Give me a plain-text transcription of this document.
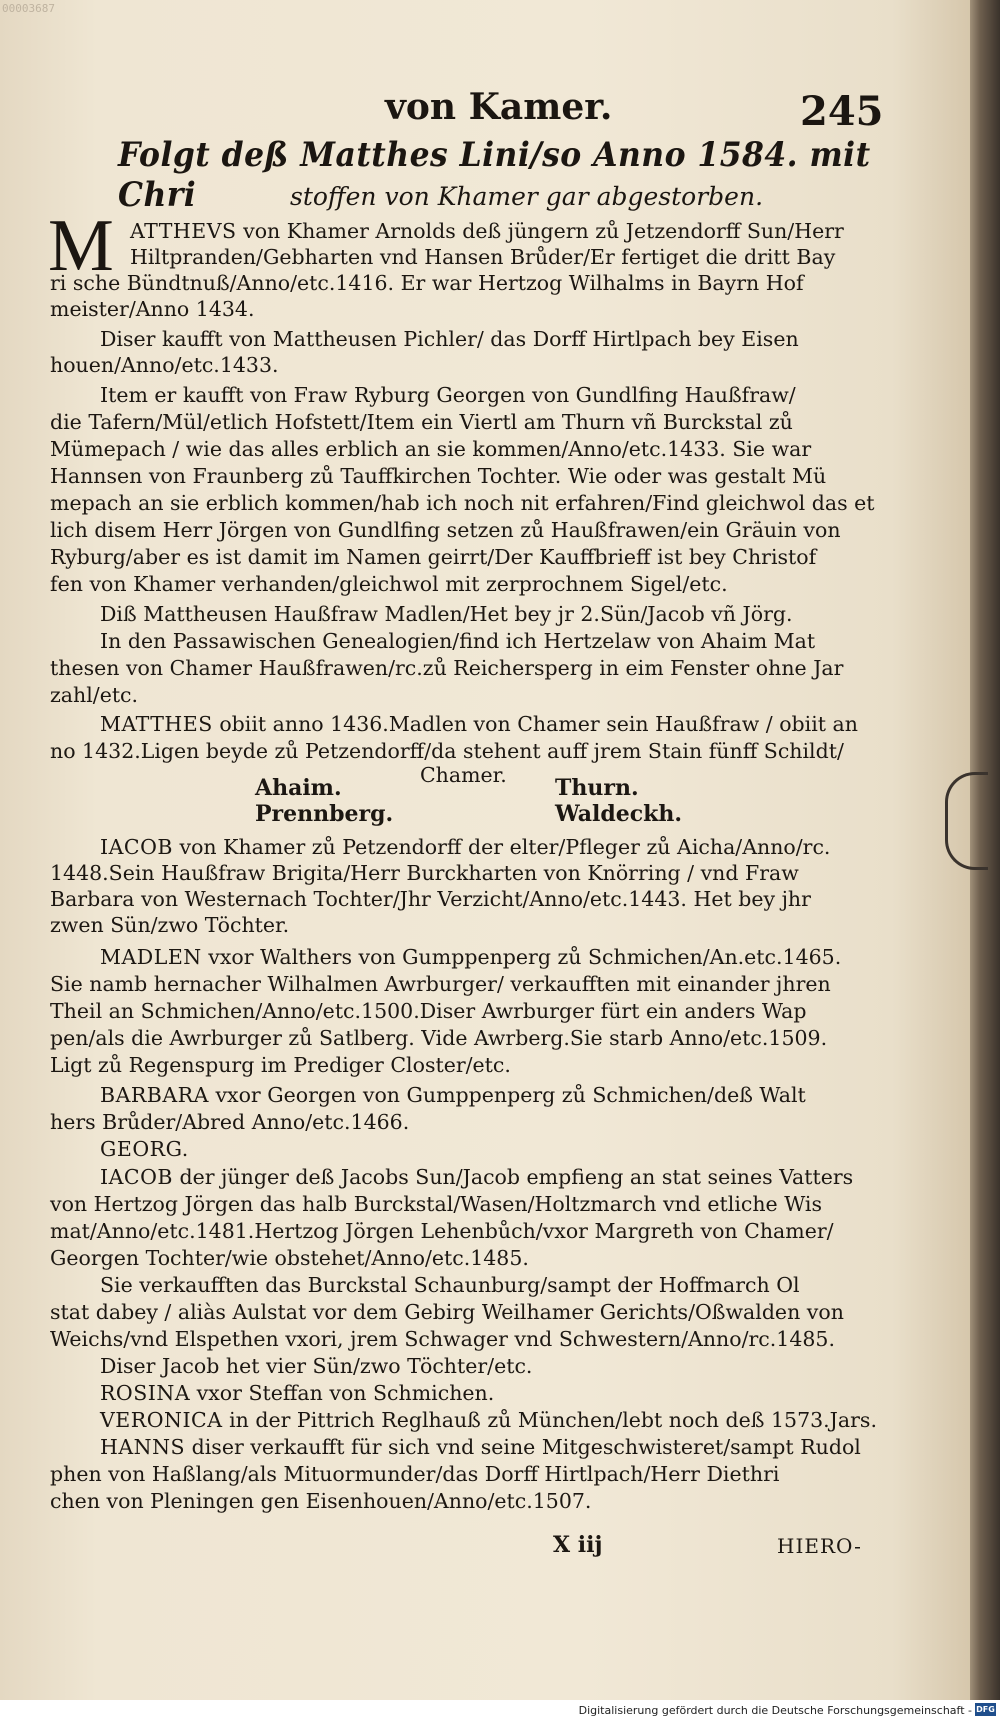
00003687
von Kamer.	245
Folgt deß Matthes Lini/so Anno 1584. mit Chri	stoffen von Khamer gar abgestorben.
M ATTHEVS von Khamer Arnolds deß jüngern zů Jetzendorff Sun/Herr
Hiltpranden/Gebharten vnd Hansen Brůder/Er fertiget die dritt Bay
ri sche Bündtnuß/Anno/etc.1416. Er war Hertzog Wilhalms in Bayrn Hof
meister/Anno 1434.
Diser kaufft von Mattheusen Pichler/ das Dorff Hirtlpach bey Eisen
houen/Anno/etc.1433.
Item er kaufft von Fraw Ryburg Georgen von Gundlfing Haußfraw/
die Tafern/Mül/etlich Hofstett/Item ein Viertl am Thurn vñ Burckstal zů
Mümepach / wie das alles erblich an sie kommen/Anno/etc.1433. Sie war
Hannsen von Fraunberg zů Tauffkirchen Tochter. Wie oder was gestalt Mü
mepach an sie erblich kommen/hab ich noch nit erfahren/Find gleichwol das et
lich disem Herr Jörgen von Gundlfing setzen zů Haußfrawen/ein Gräuin von
Ryburg/aber es ist damit im Namen geirrt/Der Kauffbrieff ist bey Christof
fen von Khamer verhanden/gleichwol mit zerprochnem Sigel/etc.
Diß Mattheusen Haußfraw Madlen/Het bey jr 2.Sün/Jacob vñ Jörg.
In den Passawischen Genealogien/find ich Hertzelaw von Ahaim Mat
thesen von Chamer Haußfrawen/rc.zů Reichersperg in eim Fenster ohne Jar
zahl/etc.
MATTHES obiit anno 1436.Madlen von Chamer sein Haußfraw / obiit an
no 1432.Ligen beyde zů Petzendorff/da stehent auff jrem Stain fünff Schildt/
Chamer.
IACOB von Khamer zů Petzendorff der elter/Pfleger zů Aicha/Anno/rc.
1448.Sein Haußfraw Brigita/Herr Burckharten von Knörring / vnd Fraw
Barbara von Westernach Tochter/Jhr Verzicht/Anno/etc.1443. Het bey jhr
zwen Sün/zwo Töchter.
MADLEN vxor Walthers von Gumppenperg zů Schmichen/An.etc.1465.
Sie namb hernacher Wilhalmen Awrburger/ verkaufften mit einander jhren
Theil an Schmichen/Anno/etc.1500.Diser Awrburger fürt ein anders Wap
pen/als die Awrburger zů Satlberg. Vide Awrberg.Sie starb Anno/etc.1509.
Ligt zů Regenspurg im Prediger Closter/etc.
BARBARA vxor Georgen von Gumppenperg zů Schmichen/deß Walt
hers Brůder/Abred Anno/etc.1466.
GEORG.
IACOB der jünger deß Jacobs Sun/Jacob empfieng an stat seines Vatters
von Hertzog Jörgen das halb Burckstal/Wasen/Holtzmarch vnd etliche Wis
mat/Anno/etc.1481.Hertzog Jörgen Lehenbůch/vxor Margreth von Chamer/
Georgen Tochter/wie obstehet/Anno/etc.1485.
Sie verkaufften das Burckstal Schaunburg/sampt der Hoffmarch Ol
stat dabey / aliàs Aulstat vor dem Gebirg Weilhamer Gerichts/Oßwalden von
Weichs/vnd Elspethen vxori, jrem Schwager vnd Schwestern/Anno/rc.1485.
Diser Jacob het vier Sün/zwo Töchter/etc.
ROSINA vxor Steffan von Schmichen.
VERONICA in der Pittrich Reglhauß zů München/lebt noch deß 1573.Jars.
HANNS diser verkaufft für sich vnd seine Mitgeschwisteret/sampt Rudol
phen von Haßlang/als Mituormunder/das Dorff Hirtlpach/Herr Diethri
chen von Pleningen gen Eisenhouen/Anno/etc.1507.
Ahaim.	Thurn.
Prennberg.	Waldeckh.
X iij	HIERO-
Digitalisierung gefördert durch die Deutsche Forschungsgemeinschaft - DFG
